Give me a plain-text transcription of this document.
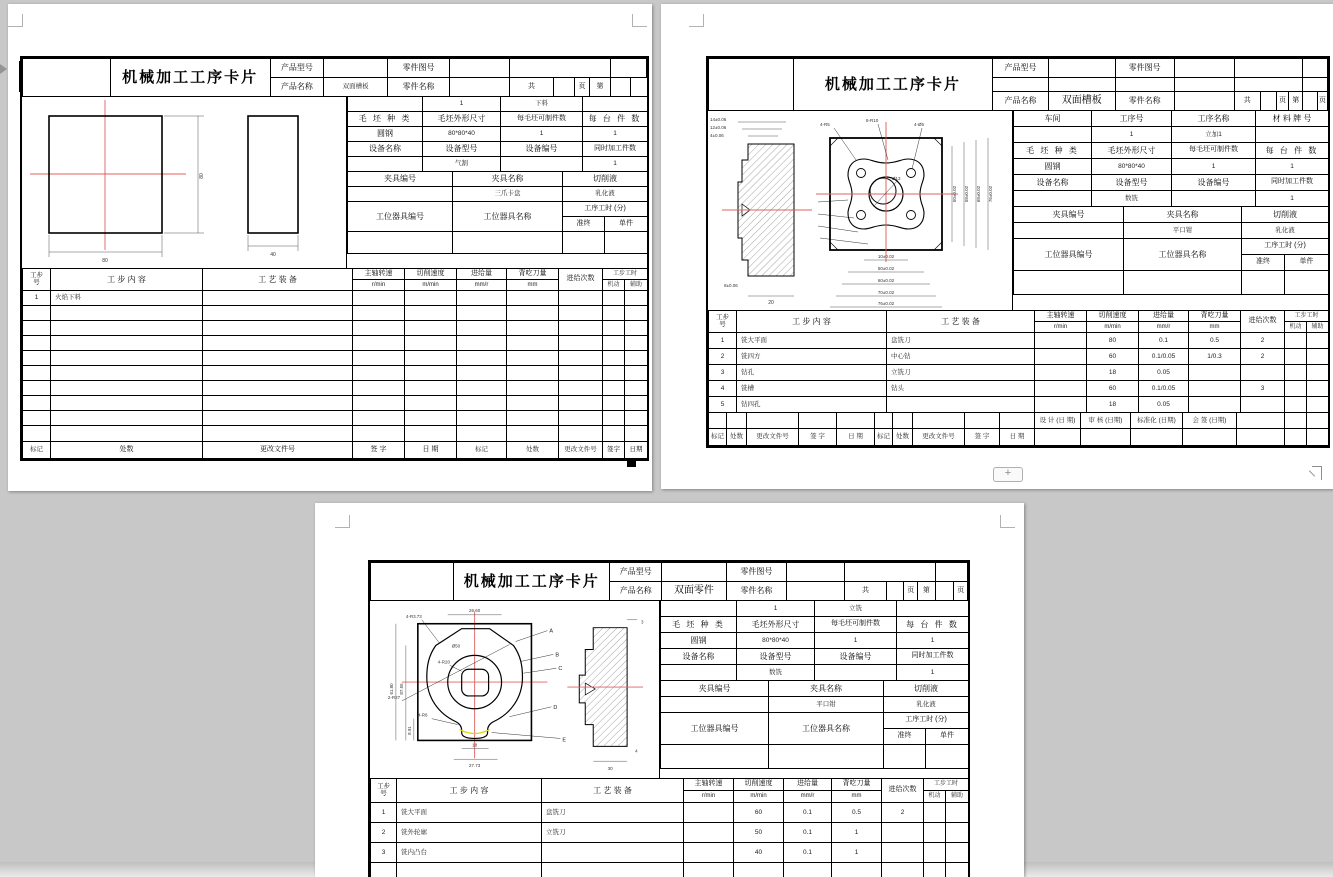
	机械加工工序卡片	产品型号		零件图号						
		产品名称	双面槽板	零件名称		共		页	第	
80
80
40
	1	下料	
毛 坯 种 类	毛坯外形尺寸	每毛坯可制件数	每 台 件 数
圆钢	80*80*40	1	1
设备名称	设备型号	设备编号	同时加工件数
	气割		1
夹具编号	夹具名称	切削液
	三爪卡盘	乳化液
工位器具编号	工位器具名称	工序工时 (分)	
		准终	单件

工步
号	工 步 内 容	工 艺 装 备	主轴转速	切削速度	进给量	背吃刀量	进给次数	工步工时	
			r/min	m/min	mm/r	mm		机动	辅助
1	火焰下料								

标记	处数	更改文件号	签 字	日 期	标记	处数	更改文件号	签字	日期
	机械加工工序卡片	产品型号		零件图号							

		产品名称	双面槽板	零件名称		共		页	第		页
14±0.06
12±0.06
4±0.06
8±0.06
20
4-R5
8-R10
4-Ø5
Ø13
50±0.02 58±0.02 68±0.02 76±0.02
10±0.02
50±0.02
60±0.02
70±0.02
76±0.02
车间	工序号	工序名称	材 料 牌 号
	1	立加1	
毛 坯 种 类	毛坯外形尺寸	每毛坯可制件数	每 台 件 数
圆钢	80*80*40	1	1
设备名称	设备型号	设备编号	同时加工件数
	数铣		1
夹具编号	夹具名称	切削液
	平口钳	乳化液
工位器具编号	工位器具名称	工序工时 (分)	
		准终	单件

工步
号	工 步 内 容	工 艺 装 备	主轴转速	切削速度	进给量	背吃刀量	进给次数	工步工时	
			r/min	m/min	mm/r	mm		机动	辅助
1	铣大平面	盘铣刀		80	0.1	0.5	2		
2	铣四方	中心钻		60	0.1/0.05	1/0.3	2		
3	钻孔	立铣刀		18	0.05				
4	铣槽	钻头		60	0.1/0.05		3		
5	钻四孔			18	0.05				
										设 计 (日 期)	审 核 (日期)	标准化 (日期)	会 签 (日期)			
标记	处数	更改文件号	签 字	日 期	标记	处数	更改文件号	签 字	日 期							
+
	机械加工工序卡片	产品型号		零件图号							
		产品名称	双面零件	零件名称		共		页	第		页
A
B
C
D
E
26.60
4-R3.73
Ø50
4-R20
2-R27
4-R6
87.55
61.80
8.91
18
27.73
3
4
30
	1	立铣	
毛 坯 种 类	毛坯外形尺寸	每毛坯可制件数	每 台 件 数
圆钢	80*80*40	1	1
设备名称	设备型号	设备编号	同时加工件数
	数铣		1
夹具编号	夹具名称	切削液
	平口钳	乳化液
工位器具编号	工位器具名称	工序工时 (分)	
		准终	单件

工步
号	工 步 内 容	工 艺 装 备	主轴转速	切削速度	进给量	背吃刀量	进给次数	工步工时	
			r/min	m/min	mm/r	mm		机动	辅助
1	铣大平面	盘铣刀		60	0.1	0.5	2		
2	铣外轮廓	立铣刀		50	0.1	1			
3	铣内凸台			40	0.1	1			
